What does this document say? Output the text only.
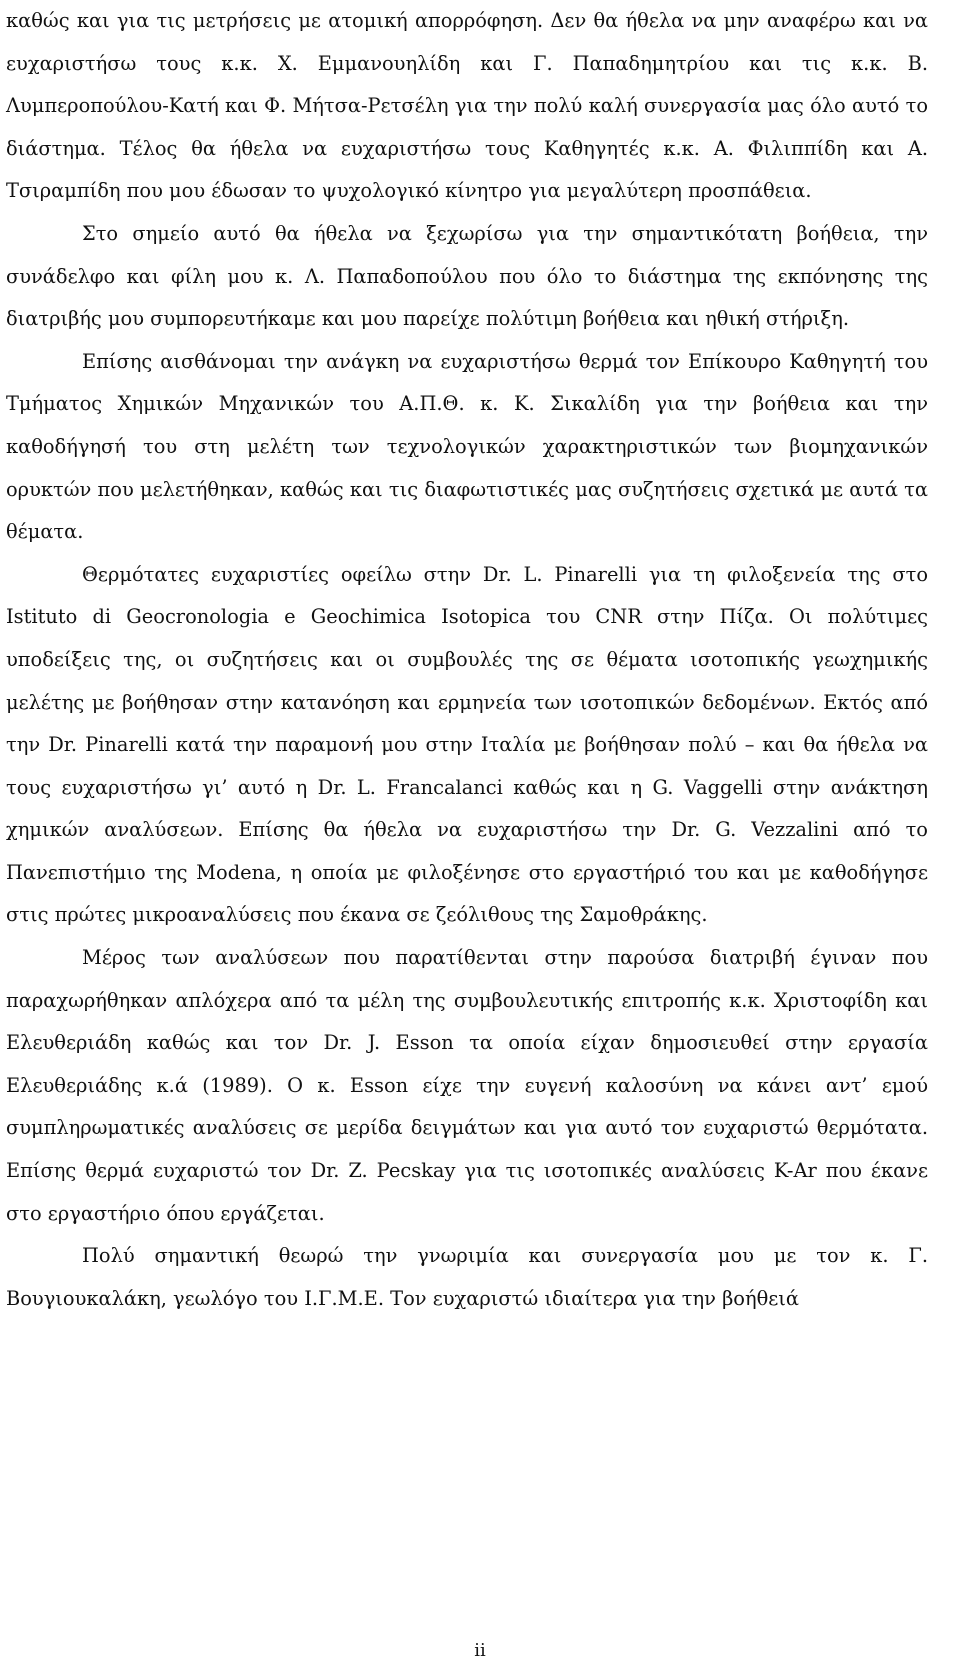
καθώς και για τις μετρήσεις με ατομική απορρόφηση. Δεν θα ήθελα να μην αναφέρω και να ευχαριστήσω τους κ.κ. Χ. Εμμανουηλίδη και Γ. Παπαδημητρίου και τις κ.κ. Β. Λυμπεροπούλου-Κατή και Φ. Μήτσα-Ρετσέλη για την πολύ καλή συνεργασία μας όλο αυτό το διάστημα. Τέλος θα ήθελα να ευχαριστήσω τους Καθηγητές κ.κ. Α. Φιλιππίδη και Α. Τσιραμπίδη που μου έδωσαν το ψυχολογικό κίνητρο για μεγαλύτερη προσπάθεια.

Στο σημείο αυτό θα ήθελα να ξεχωρίσω για την σημαντικότατη βοήθεια, την συνάδελφο και φίλη μου κ. Λ. Παπαδοπούλου που όλο το διάστημα της εκπόνησης της διατριβής μου συμπορευτήκαμε και μου παρείχε πολύτιμη βοήθεια και ηθική στήριξη.

Επίσης αισθάνομαι την ανάγκη να ευχαριστήσω θερμά τον Επίκουρο Καθηγητή του Τμήματος Χημικών Μηχανικών του Α.Π.Θ. κ. Κ. Σικαλίδη για την βοήθεια και την καθοδήγησή του στη μελέτη των τεχνολογικών χαρακτηριστικών των βιομηχανικών ορυκτών που μελετήθηκαν, καθώς και τις διαφωτιστικές μας συζητήσεις σχετικά με αυτά τα θέματα.

Θερμότατες ευχαριστίες οφείλω στην Dr. L. Pinarelli για τη φιλοξενεία της στο Istituto di Geocronologia e Geochimica Isotopica του CNR στην Πίζα. Οι πολύτιμες υποδείξεις της, οι συζητήσεις και οι συμβουλές της σε θέματα ισοτοπικής γεωχημικής μελέτης με βοήθησαν στην κατανόηση και ερμηνεία των ισοτοπικών δεδομένων. Εκτός από την Dr. Pinarelli κατά την παραμονή μου στην Ιταλία με βοήθησαν πολύ – και θα ήθελα να τους ευχαριστήσω γι’ αυτό η Dr. L. Francalanci καθώς και η G. Vaggelli στην ανάκτηση χημικών αναλύσεων. Επίσης θα ήθελα να ευχαριστήσω την Dr. G. Vezzalini από το Πανεπιστήμιο της Modena, η οποία με φιλοξένησε στο εργαστήριό του και με καθοδήγησε στις πρώτες μικροαναλύσεις που έκανα σε ζεόλιθους της Σαμοθράκης.

Μέρος των αναλύσεων που παρατίθενται στην παρούσα διατριβή έγιναν που παραχωρήθηκαν απλόχερα από τα μέλη της συμβουλευτικής επιτροπής κ.κ. Χριστοφίδη και Ελευθεριάδη καθώς και τον Dr. J. Esson τα οποία είχαν δημοσιευθεί στην εργασία Ελευθεριάδης κ.ά (1989). Ο κ. Esson είχε την ευγενή καλοσύνη να κάνει αντ’ εμού συμπληρωματικές αναλύσεις σε μερίδα δειγμάτων και για αυτό τον ευχαριστώ θερμότατα. Επίσης θερμά ευχαριστώ τον Dr. Z. Pecskay για τις ισοτοπικές αναλύσεις K-Ar που έκανε στο εργαστήριο όπου εργάζεται.

Πολύ σημαντική θεωρώ την γνωριμία και συνεργασία μου με τον κ. Γ. Βουγιουκαλάκη, γεωλόγο του Ι.Γ.Μ.Ε. Τον ευχαριστώ ιδιαίτερα για την βοήθειά

ii
